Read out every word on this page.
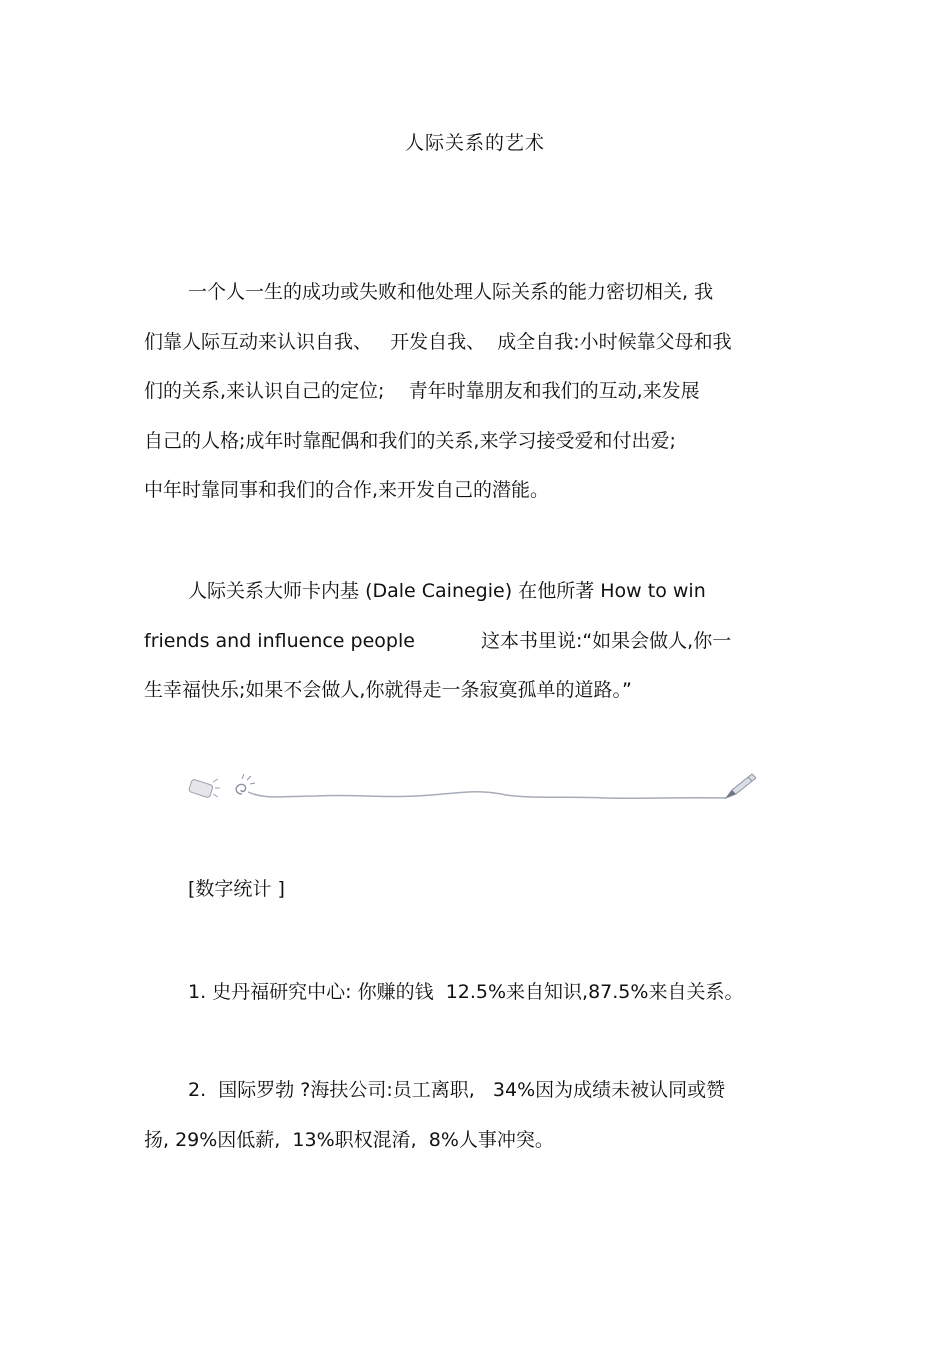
人际关系的艺术
一个人一生的成功或失败和他处理人际关系的能力密切相关, 我
们靠人际互动来认识自我、   开发自我、  成全自我:小时候靠父母和我
们的关系,来认识自己的定位;    青年时靠朋友和我们的互动,来发展
自己的人格;成年时靠配偶和我们的关系,来学习接受爱和付出爱;
中年时靠同事和我们的合作,来开发自己的潜能。
人际关系大师卡内基 (Dale Cainegie) 在他所著 How to win
friends and influence people	这本书里说:“如果会做人,你一
生幸福快乐;如果不会做人,你就得走一条寂寞孤单的道路。”
[数字统计 ]
1. 史丹福研究中心: 你赚的钱  12.5%来自知识,87.5%来自关系。
2.  国际罗勃 ?海扶公司:员工离职,   34%因为成绩未被认同或赞
扬, 29%因低薪,  13%职权混淆,  8%人事冲突。
